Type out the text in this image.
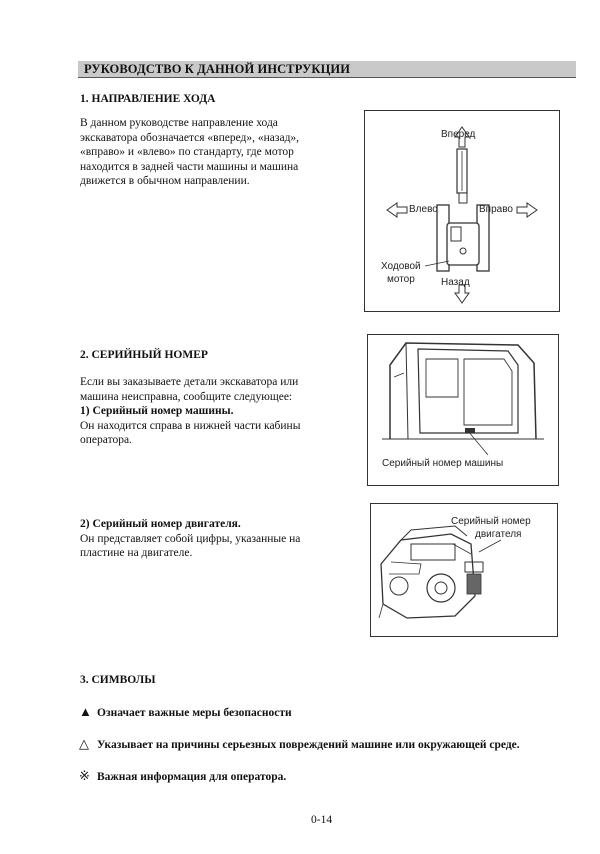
РУКОВОДСТВО К ДАННОЙ ИНСТРУКЦИИ
1. НАПРАВЛЕНИЕ ХОДА
В данном руководстве направление хода
экскаватора обозначается «вперед», «назад»,
«вправо» и «влево» по стандарту, где мотор
находится в задней части машины и машина
движется в обычном направлении.
Вперед
Влево	Вправо
Ходовой
мотор	Назад
2. СЕРИЙНЫЙ НОМЕР
Если вы заказываете детали экскаватора или
машина неисправна, сообщите следующее:
1) Серийный номер машины.
Он находится справа в нижней части кабины
оператора.
Серийный номер машины
2) Серийный номер двигателя.
Он представляет собой цифры, указанные на
пластине на двигателе.
Серийный номер
двигателя
3. СИМВОЛЫ
▲ Означает важные меры безопасности
△ Указывает на причины серьезных повреждений машине или окружающей среде.
※ Важная информация для оператора.
0-14
